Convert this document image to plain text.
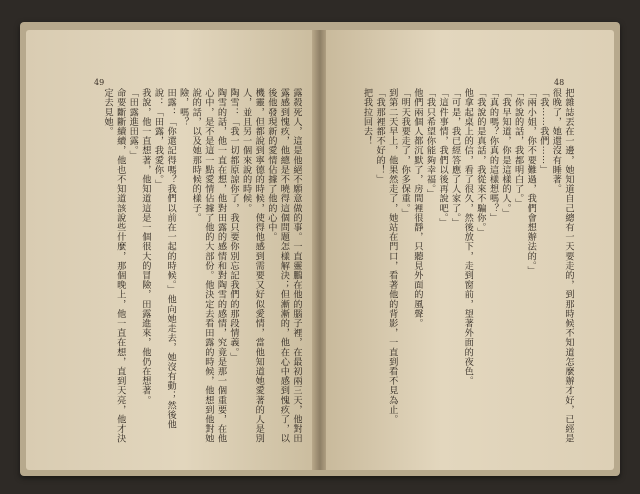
49
露殺死人，這是他絕不願意做的事。一直靈鵬在他的腦子裡，在最初兩三天，他對田露感到愧疚，他總是不曉得這個問題怎樣解決；但漸漸的，他在心中感到愧疚了，以後他發現新的愛情佔據了他的心中。
機靈，但都說到寧德的時候，使得他感到需要又好似愛情，當他知道她愛著的人是別人，並且另一個來說的時候。
陶雪：「我一切都原諒你了，我只要你別忘記我們的那段情義。」
陶雪的話，他一直在想，他對田露的感情和對陶雪的感情，究竟是那一個重要，在他心中，是不是這一點愛情佔據了他的大部份。他決定去看田露的時候，他想到他對她說的話，以及她那時候的樣子。
險，嗎？
田露：「你還記得嗎？我們以前在一起的時候。」他向她走去，她沒有動；然後他說：「田露，我愛你。」
我說，他一直想著，他知道這是一個很大的冒險，田露進來，他仍在想著。
「田露進田露。」
命要斷斷續續，他也不知道該說些什麼，那個晚上，他一直在想，直到天亮，他才決定去見她。
48
把雜誌丟在一邊，她知道自己總有一天要走的，到那時候不知道怎麼辦才好，已經是很晚了，她還沒有睡著。
「我⋯⋯我們⋯⋯」
「兩小姐，你不要難過，我們會想辦法的。」
「你說的話，我都明白了。」
「我早知道，你是這樣的人。」
「真的嗎？你真的這樣想嗎？」
「我說的是真話，我從來不騙你。」
他拿起桌上的信，看了很久，然後放下，走到窗前，望著外面的夜色。
「可是，我已經答應了人家了。」
「這件事情，我們以後再說吧。」
「我只希望你能夠幸福。」
他們兩個人都沉默了，房間裡很靜，只聽見外面的風聲。
「明天我要走了，你多保重。」
到第二天早上，他果然走了，她站在門口，看著他的背影，一直到看不見為止。
「我那裡都不好的！」
把我拉回去！
